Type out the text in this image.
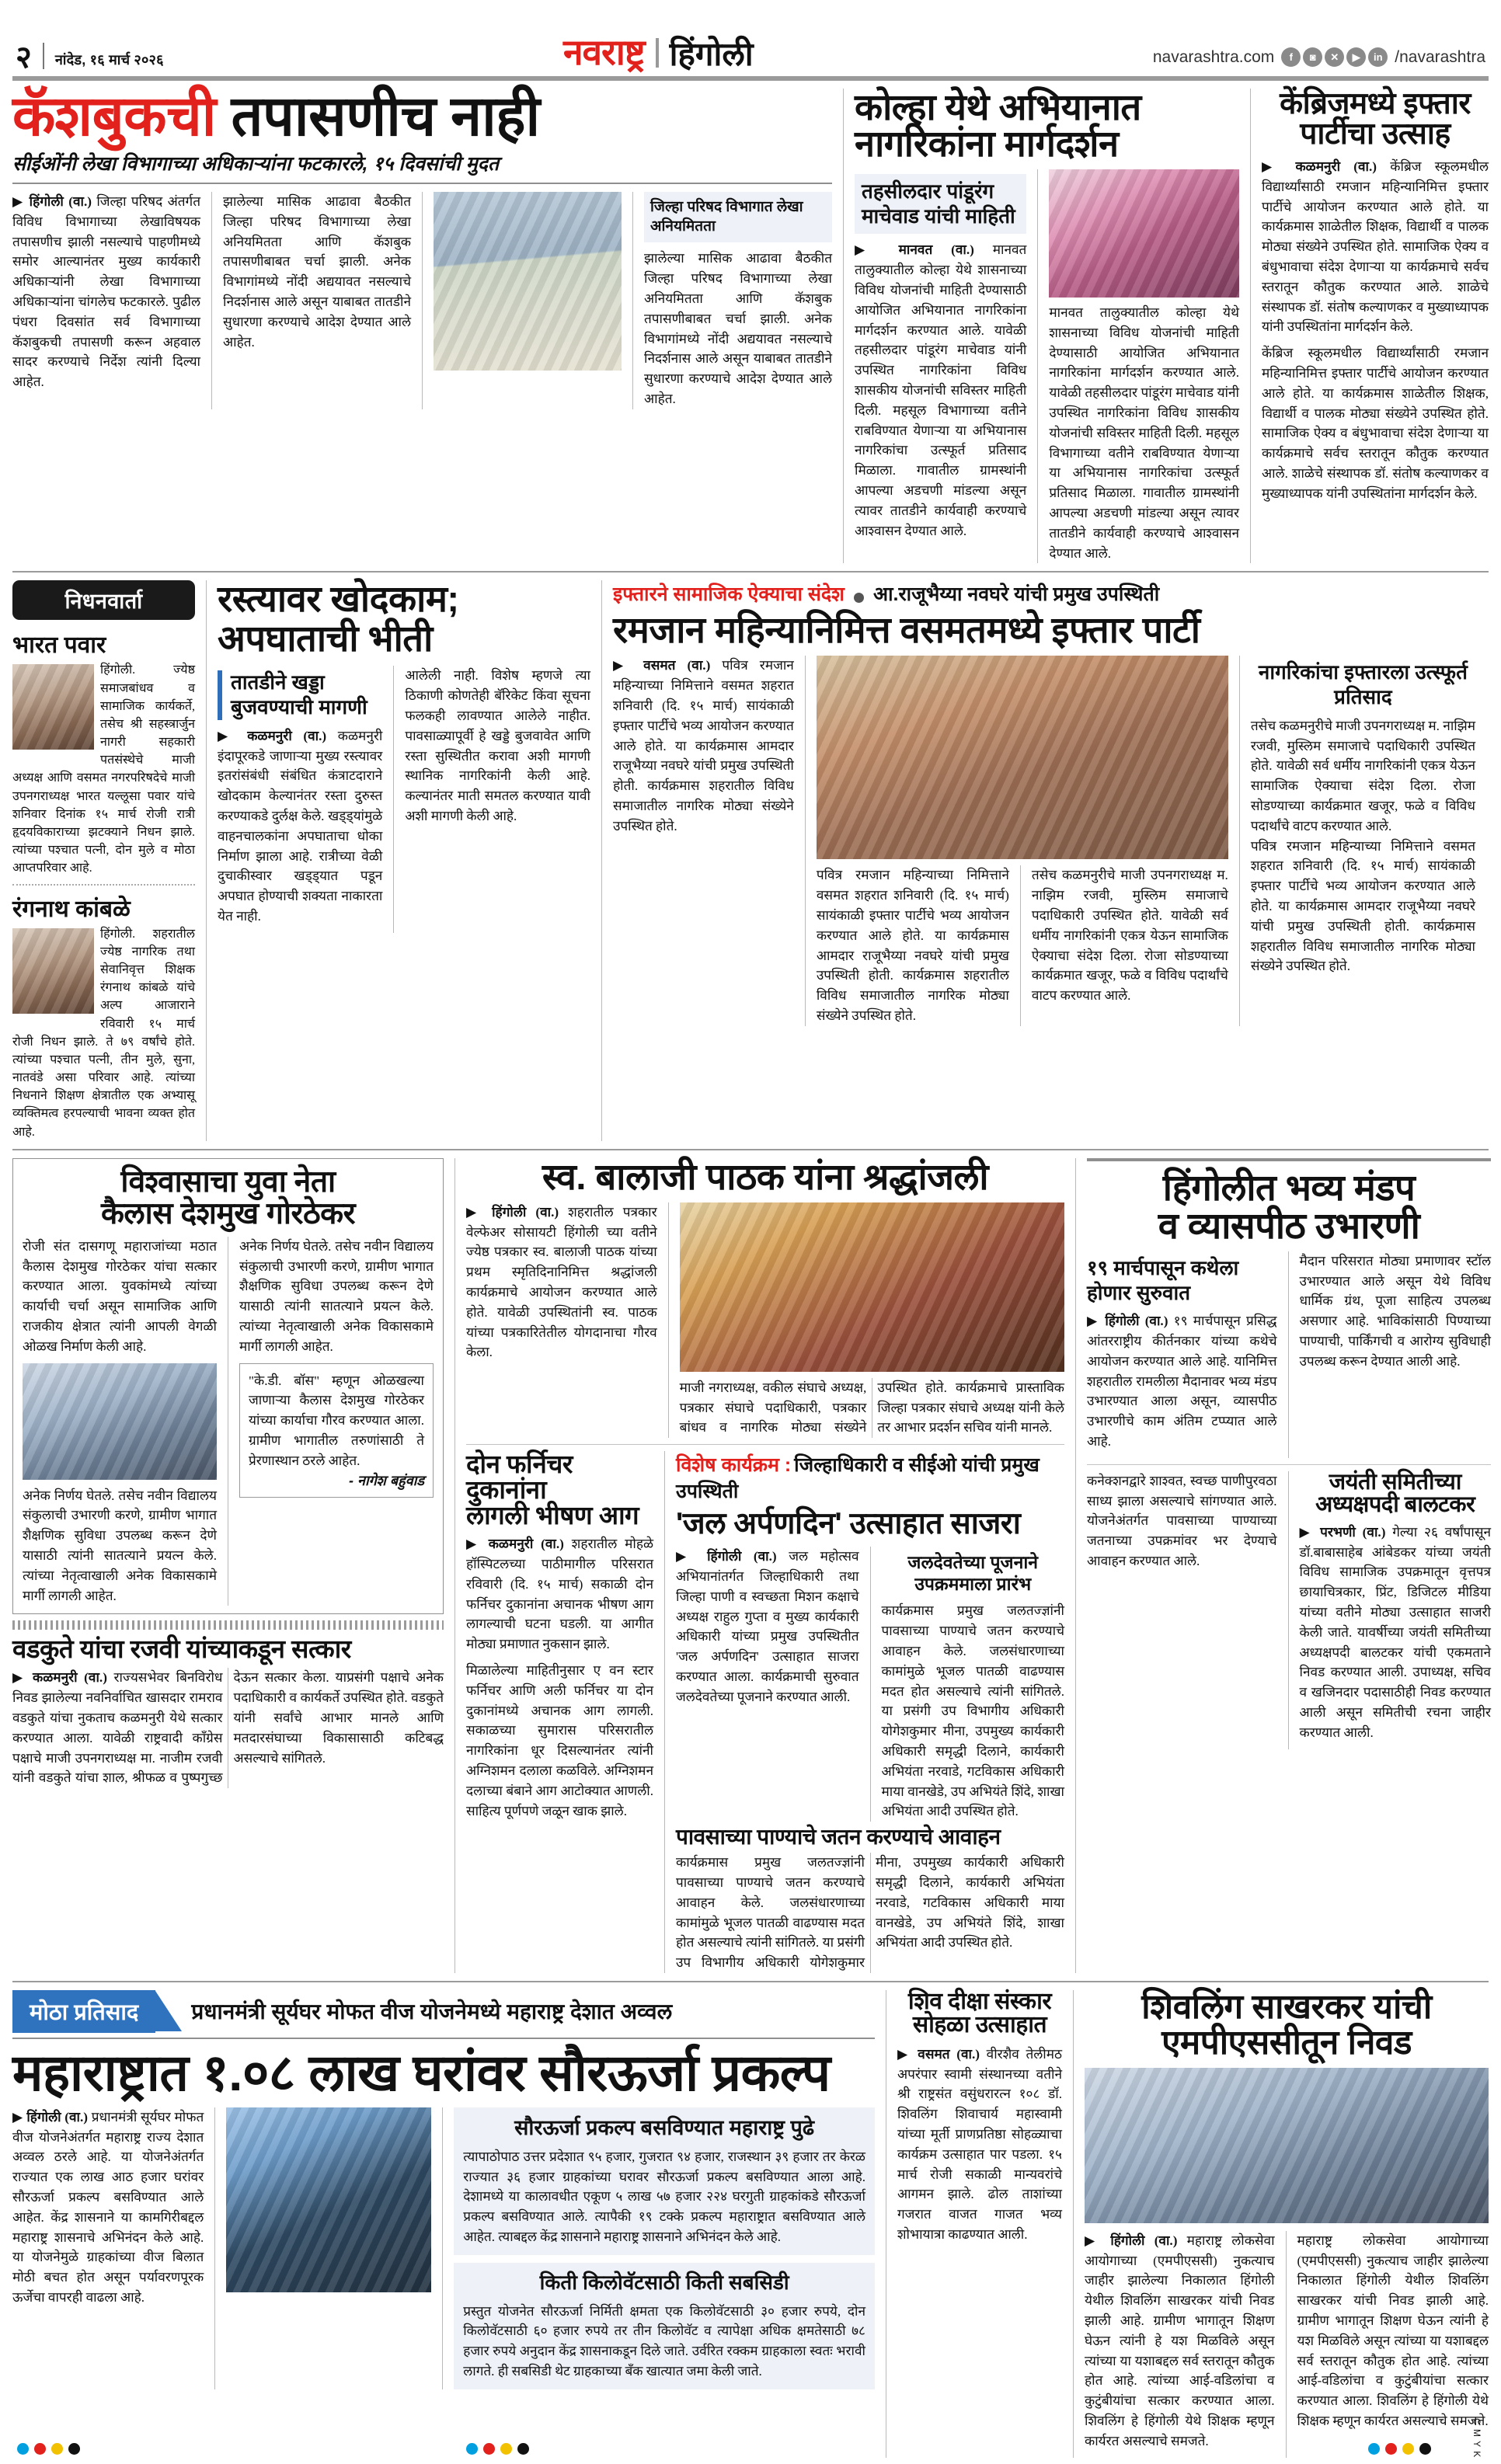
२ नांदेड, १६ मार्च २०२६	नवराष्ट्र हिंगोली	navarashtra.com	f	◙	✕	▶	in /navarashtra
कॅशबुकची तपासणीच नाही
सीईओंनी लेखा विभागाच्या अधिकाऱ्यांना फटकारले, १५ दिवसांची मुदत

▶ हिंगोली (वा.) जिल्हा परिषद अंतर्गत विविध विभागाच्या लेखाविषयक तपासणीच झाली नसल्याचे पाहणीमध्ये समोर आल्यानंतर मुख्य कार्यकारी अधिकाऱ्यांनी लेखा विभागाच्या अधिकाऱ्यांना चांगलेच फटकारले. पुढील पंधरा दिवसांत सर्व विभागाच्या कॅशबुकची तपासणी करून अहवाल सादर करण्याचे निर्देश त्यांनी दिल्या आहेत.

झालेल्या मासिक आढावा बैठकीत जिल्हा परिषद विभागाच्या लेखा अनियमितता आणि कॅशबुक तपासणीबाबत चर्चा झाली. अनेक विभागांमध्ये नोंदी अद्ययावत नसल्याचे निदर्शनास आले असून याबाबत तातडीने सुधारणा करण्याचे आदेश देण्यात आले आहेत.

जिल्हा परिषद विभागात लेखा अनियमितता
झालेल्या मासिक आढावा बैठकीत जिल्हा परिषद विभागाच्या लेखा अनियमितता आणि कॅशबुक तपासणीबाबत चर्चा झाली. अनेक विभागांमध्ये नोंदी अद्ययावत नसल्याचे निदर्शनास आले असून याबाबत तातडीने सुधारणा करण्याचे आदेश देण्यात आले आहेत.
कोल्हा येथे अभियानात नागरिकांना मार्गदर्शन
तहसीलदार पांडूरंग माचेवाड यांची माहिती

▶ मानवत (वा.) मानवत तालुक्यातील कोल्हा येथे शासनाच्या विविध योजनांची माहिती देण्यासाठी आयोजित अभियानात नागरिकांना मार्गदर्शन करण्यात आले. यावेळी तहसीलदार पांडूरंग माचेवाड यांनी उपस्थित नागरिकांना विविध शासकीय योजनांची सविस्तर माहिती दिली. महसूल विभागाच्या वतीने राबविण्यात येणाऱ्या या अभियानास नागरिकांचा उत्स्फूर्त प्रतिसाद मिळाला. गावातील ग्रामस्थांनी आपल्या अडचणी मांडल्या असून त्यावर तातडीने कार्यवाही करण्याचे आश्वासन देण्यात आले.

मानवत तालुक्यातील कोल्हा येथे शासनाच्या विविध योजनांची माहिती देण्यासाठी आयोजित अभियानात नागरिकांना मार्गदर्शन करण्यात आले. यावेळी तहसीलदार पांडूरंग माचेवाड यांनी उपस्थित नागरिकांना विविध शासकीय योजनांची सविस्तर माहिती दिली. महसूल विभागाच्या वतीने राबविण्यात येणाऱ्या या अभियानास नागरिकांचा उत्स्फूर्त प्रतिसाद मिळाला. गावातील ग्रामस्थांनी आपल्या अडचणी मांडल्या असून त्यावर तातडीने कार्यवाही करण्याचे आश्वासन देण्यात आले.
केंब्रिजमध्ये इफ्तार पार्टीचा उत्साह

▶ कळमनुरी (वा.) केंब्रिज स्कूलमधील विद्यार्थ्यांसाठी रमजान महिन्यानिमित्त इफ्तार पार्टीचे आयोजन करण्यात आले होते. या कार्यक्रमास शाळेतील शिक्षक, विद्यार्थी व पालक मोठ्या संख्येने उपस्थित होते. सामाजिक ऐक्य व बंधुभावाचा संदेश देणाऱ्या या कार्यक्रमाचे सर्वच स्तरातून कौतुक करण्यात आले. शाळेचे संस्थापक डॉ. संतोष कल्याणकर व मुख्याध्यापक यांनी उपस्थितांना मार्गदर्शन केले.

केंब्रिज स्कूलमधील विद्यार्थ्यांसाठी रमजान महिन्यानिमित्त इफ्तार पार्टीचे आयोजन करण्यात आले होते. या कार्यक्रमास शाळेतील शिक्षक, विद्यार्थी व पालक मोठ्या संख्येने उपस्थित होते. सामाजिक ऐक्य व बंधुभावाचा संदेश देणाऱ्या या कार्यक्रमाचे सर्वच स्तरातून कौतुक करण्यात आले. शाळेचे संस्थापक डॉ. संतोष कल्याणकर व मुख्याध्यापक यांनी उपस्थितांना मार्गदर्शन केले.

निधनवार्ता
भारत पवार
हिंगोली. ज्येष्ठ समाजबांधव व सामाजिक कार्यकर्ते, तसेच श्री सहस्त्रार्जुन नागरी सहकारी पतसंस्थेचे माजी अध्यक्ष आणि वसमत नगरपरिषदेचे माजी उपनगराध्यक्ष भारत यल्लूसा पवार यांचे शनिवार दिनांक १५ मार्च रोजी रात्री हृदयविकाराच्या झटक्याने निधन झाले. त्यांच्या पश्चात पत्नी, दोन मुले व मोठा आप्तपरिवार आहे.
रंगनाथ कांबळे
हिंगोली. शहरातील ज्येष्ठ नागरिक तथा सेवानिवृत्त शिक्षक रंगनाथ कांबळे यांचे अल्प आजाराने रविवारी १५ मार्च रोजी निधन झाले. ते ७९ वर्षांचे होते. त्यांच्या पश्चात पत्नी, तीन मुले, सुना, नातवंडे असा परिवार आहे. त्यांच्या निधनाने शिक्षण क्षेत्रातील एक अभ्यासू व्यक्तिमत्व हरपल्याची भावना व्यक्त होत आहे.
रस्त्यावर खोदकाम;
अपघाताची भीती
तातडीने खड्डा बुजवण्याची मागणी

▶ कळमनुरी (वा.) कळमनुरी इंदापूरकडे जाणाऱ्या मुख्य रस्त्यावर इतरांसंबंधी संबंधित कंत्राटदाराने खोदकाम केल्यानंतर रस्ता दुरुस्त करण्याकडे दुर्लक्ष केले. खड्ड्यांमुळे वाहनचालकांना अपघाताचा धोका निर्माण झाला आहे. रात्रीच्या वेळी दुचाकीस्वार खड्ड्यात पडून अपघात होण्याची शक्यता नाकारता येत नाही.

आलेली नाही. विशेष म्हणजे त्या ठिकाणी कोणतेही बॅरिकेट किंवा सूचना फलकही लावण्यात आलेले नाहीत. पावसाळ्यापूर्वी हे खड्डे बुजवावेत आणि रस्ता सुस्थितीत करावा अशी मागणी स्थानिक नागरिकांनी केली आहे. कल्यानंतर माती समतल करण्यात यावी अशी मागणी केली आहे.
इफ्तारने सामाजिक ऐक्याचा संदेश आ.राजूभैय्या नवघरे यांची प्रमुख उपस्थिती
रमजान महिन्यानिमित्त वसमतमध्ये इफ्तार पार्टी

▶ वसमत (वा.) पवित्र रमजान महिन्याच्या निमित्ताने वसमत शहरात शनिवारी (दि. १५ मार्च) सायंकाळी इफ्तार पार्टीचे भव्य आयोजन करण्यात आले होते. या कार्यक्रमास आमदार राजूभैय्या नवघरे यांची प्रमुख उपस्थिती होती. कार्यक्रमास शहरातील विविध समाजातील नागरिक मोठ्या संख्येने उपस्थित होते.

पवित्र रमजान महिन्याच्या निमित्ताने वसमत शहरात शनिवारी (दि. १५ मार्च) सायंकाळी इफ्तार पार्टीचे भव्य आयोजन करण्यात आले होते. या कार्यक्रमास आमदार राजूभैय्या नवघरे यांची प्रमुख उपस्थिती होती. कार्यक्रमास शहरातील विविध समाजातील नागरिक मोठ्या संख्येने उपस्थित होते.
तसेच कळमनुरीचे माजी उपनगराध्यक्ष म. नाझिम रजवी, मुस्लिम समाजाचे पदाधिकारी उपस्थित होते. यावेळी सर्व धर्मीय नागरिकांनी एकत्र येऊन सामाजिक ऐक्याचा संदेश दिला. रोजा सोडण्याच्या कार्यक्रमात खजूर, फळे व विविध पदार्थांचे वाटप करण्यात आले.
नागरिकांचा इफ्तारला उत्स्फूर्त प्रतिसाद
तसेच कळमनुरीचे माजी उपनगराध्यक्ष म. नाझिम रजवी, मुस्लिम समाजाचे पदाधिकारी उपस्थित होते. यावेळी सर्व धर्मीय नागरिकांनी एकत्र येऊन सामाजिक ऐक्याचा संदेश दिला. रोजा सोडण्याच्या कार्यक्रमात खजूर, फळे व विविध पदार्थांचे वाटप करण्यात आले.
पवित्र रमजान महिन्याच्या निमित्ताने वसमत शहरात शनिवारी (दि. १५ मार्च) सायंकाळी इफ्तार पार्टीचे भव्य आयोजन करण्यात आले होते. या कार्यक्रमास आमदार राजूभैय्या नवघरे यांची प्रमुख उपस्थिती होती. कार्यक्रमास शहरातील विविध समाजातील नागरिक मोठ्या संख्येने उपस्थित होते.
विश्वासाचा युवा नेता
कैलास देशमुख गोरठेकर
रोजी संत दासगणू महाराजांच्या मठात कैलास देशमुख गोरठेकर यांचा सत्कार करण्यात आला. युवकांमध्ये त्यांच्या कार्याची चर्चा असून सामाजिक आणि राजकीय क्षेत्रात त्यांनी आपली वेगळी ओळख निर्माण केली आहे.
अनेक निर्णय घेतले. तसेच नवीन विद्यालय संकुलाची उभारणी करणे, ग्रामीण भागात शैक्षणिक सुविधा उपलब्ध करून देणे यासाठी त्यांनी सातत्याने प्रयत्न केले. त्यांच्या नेतृत्वाखाली अनेक विकासकामे मार्गी लागली आहेत.
अनेक निर्णय घेतले. तसेच नवीन विद्यालय संकुलाची उभारणी करणे, ग्रामीण भागात शैक्षणिक सुविधा उपलब्ध करून देणे यासाठी त्यांनी सातत्याने प्रयत्न केले. त्यांच्या नेतृत्वाखाली अनेक विकासकामे मार्गी लागली आहेत.
"के.डी. बॉस" म्हणून ओळखल्या जाणाऱ्या कैलास देशमुख गोरठेकर यांच्या कार्याचा गौरव करण्यात आला. ग्रामीण भागातील तरुणांसाठी ते प्रेरणास्थान ठरले आहेत.
- नागेश बहुंवाड
वडकुते यांचा रजवी यांच्याकडून सत्कार

▶ कळमनुरी (वा.) राज्यसभेवर बिनविरोध निवड झालेल्या नवनिर्वाचित खासदार रामराव वडकुते यांचा नुकताच कळमनुरी येथे सत्कार करण्यात आला. यावेळी राष्ट्रवादी काँग्रेस पक्षाचे माजी उपनगराध्यक्ष मा. नाजीम रजवी यांनी वडकुते यांचा शाल, श्रीफळ व पुष्पगुच्छ देऊन सत्कार केला. याप्रसंगी पक्षाचे अनेक पदाधिकारी व कार्यकर्ते उपस्थित होते. वडकुते यांनी सर्वांचे आभार मानले आणि मतदारसंघाच्या विकासासाठी कटिबद्ध असल्याचे सांगितले.

स्व. बालाजी पाठक यांना श्रद्धांजली

▶ हिंगोली (वा.) शहरातील पत्रकार वेल्फेअर सोसायटी हिंगोली च्या वतीने ज्येष्ठ पत्रकार स्व. बालाजी पाठक यांच्या प्रथम स्मृतिदिनानिमित्त श्रद्धांजली कार्यक्रमाचे आयोजन करण्यात आले होते. यावेळी उपस्थितांनी स्व. पाठक यांच्या पत्रकारितेतील योगदानाचा गौरव केला.

माजी नगराध्यक्ष, वकील संघाचे अध्यक्ष, पत्रकार संघाचे पदाधिकारी, पत्रकार बांधव व नागरिक मोठ्या संख्येने उपस्थित होते. कार्यक्रमाचे प्रास्ताविक जिल्हा पत्रकार संघाचे अध्यक्ष यांनी केले तर आभार प्रदर्शन सचिव यांनी मानले.
दोन फर्निचर दुकानांना
लागली भीषण आग

▶ कळमनुरी (वा.) शहरातील मोहळे हॉस्पिटलच्या पाठीमागील परिसरात रविवारी (दि. १५ मार्च) सकाळी दोन फर्निचर दुकानांना अचानक भीषण आग लागल्याची घटना घडली. या आगीत मोठ्या प्रमाणात नुकसान झाले.

मिळालेल्या माहितीनुसार ए वन स्टार फर्निचर आणि अली फर्निचर या दोन दुकानांमध्ये अचानक आग लागली. सकाळच्या सुमारास परिसरातील नागरिकांना धूर दिसल्यानंतर त्यांनी अग्निशमन दलाला कळविले. अग्निशमन दलाच्या बंबाने आग आटोक्यात आणली. साहित्य पूर्णपणे जळून खाक झाले.

विशेष कार्यक्रम : जिल्हाधिकारी व सीईओ यांची प्रमुख उपस्थिती
'जल अर्पणदिन' उत्साहात साजरा

▶ हिंगोली (वा.) जल महोत्सव अभियानांतर्गत जिल्हाधिकारी तथा जिल्हा पाणी व स्वच्छता मिशन कक्षाचे अध्यक्ष राहुल गुप्ता व मुख्य कार्यकारी अधिकारी यांच्या प्रमुख उपस्थितीत 'जल अर्पणदिन' उत्साहात साजरा करण्यात आला. कार्यक्रमाची सुरुवात जलदेवतेच्या पूजनाने करण्यात आली.

जलदेवतेच्या पूजनाने उपक्रममाला प्रारंभ
कार्यक्रमास प्रमुख जलतज्ज्ञांनी पावसाच्या पाण्याचे जतन करण्याचे आवाहन केले. जलसंधारणाच्या कामांमुळे भूजल पातळी वाढण्यास मदत होत असल्याचे त्यांनी सांगितले. या प्रसंगी उप विभागीय अधिकारी योगेशकुमार मीना, उपमुख्य कार्यकारी अधिकारी समृद्धी दिलाने, कार्यकारी अभियंता नरवाडे, गटविकास अधिकारी माया वानखेडे, उप अभियंते शिंदे, शाखा अभियंता आदी उपस्थित होते.
पावसाच्या पाण्याचे जतन करण्याचे आवाहन
कार्यक्रमास प्रमुख जलतज्ज्ञांनी पावसाच्या पाण्याचे जतन करण्याचे आवाहन केले. जलसंधारणाच्या कामांमुळे भूजल पातळी वाढण्यास मदत होत असल्याचे त्यांनी सांगितले. या प्रसंगी उप विभागीय अधिकारी योगेशकुमार मीना, उपमुख्य कार्यकारी अधिकारी समृद्धी दिलाने, कार्यकारी अभियंता नरवाडे, गटविकास अधिकारी माया वानखेडे, उप अभियंते शिंदे, शाखा अभियंता आदी उपस्थित होते.
हिंगोलीत भव्य मंडप
व व्यासपीठ उभारणी
१९ मार्चपासून कथेला होणार सुरुवात

▶ हिंगोली (वा.) १९ मार्चपासून प्रसिद्ध आंतरराष्ट्रीय कीर्तनकार यांच्या कथेचे आयोजन करण्यात आले आहे. यानिमित्त शहरातील रामलीला मैदानावर भव्य मंडप उभारण्यात आला असून, व्यासपीठ उभारणीचे काम अंतिम टप्प्यात आले आहे.

मैदान परिसरात मोठ्या प्रमाणावर स्टॉल उभारण्यात आले असून येथे विविध धार्मिक ग्रंथ, पूजा साहित्य उपलब्ध असणार आहे. भाविकांसाठी पिण्याच्या पाण्याची, पार्किंगची व आरोग्य सुविधाही उपलब्ध करून देण्यात आली आहे.
कनेक्शनद्वारे शाश्वत, स्वच्छ पाणीपुरवठा साध्य झाला असल्याचे सांगण्यात आले. योजनेअंतर्गत पावसाच्या पाण्याच्या जतनाच्या उपक्रमांवर भर देण्याचे आवाहन करण्यात आले.
जयंती समितीच्या
अध्यक्षपदी बालटकर

▶ परभणी (वा.) गेल्या २६ वर्षांपासून डॉ.बाबासाहेब आंबेडकर यांच्या जयंती विविध सामाजिक उपक्रमातून वृत्तपत्र छायाचित्रकार, प्रिंट, डिजिटल मीडिया यांच्या वतीने मोठ्या उत्साहात साजरी केली जाते. यावर्षीच्या जयंती समितीच्या अध्यक्षपदी बालटकर यांची एकमताने निवड करण्यात आली. उपाध्यक्ष, सचिव व खजिनदार पदासाठीही निवड करण्यात आली असून समितीची रचना जाहीर करण्यात आली.

मोठा प्रतिसाद	प्रधानमंत्री सूर्यघर मोफत वीज योजनेमध्ये महाराष्ट्र देशात अव्वल
महाराष्ट्रात १.०८ लाख घरांवर सौरऊर्जा प्रकल्प

▶ हिंगोली (वा.) प्रधानमंत्री सूर्यघर मोफत वीज योजनेअंतर्गत महाराष्ट्र राज्य देशात अव्वल ठरले आहे. या योजनेअंतर्गत राज्यात एक लाख आठ हजार घरांवर सौरऊर्जा प्रकल्प बसविण्यात आले आहेत. केंद्र शासनाने या कामगिरीबद्दल महाराष्ट्र शासनाचे अभिनंदन केले आहे. या योजनेमुळे ग्राहकांच्या वीज बिलात मोठी बचत होत असून पर्यावरणपूरक ऊर्जेचा वापरही वाढला आहे.

सौरऊर्जा प्रकल्प बसविण्यात महाराष्ट्र पुढे
त्यापाठोपाठ उत्तर प्रदेशात ९५ हजार, गुजरात ९४ हजार, राजस्थान ३९ हजार तर केरळ राज्यात ३६ हजार ग्राहकांच्या घरावर सौरऊर्जा प्रकल्प बसविण्यात आला आहे. देशामध्ये या कालावधीत एकूण ५ लाख ५७ हजार २२४ घरगुती ग्राहकांकडे सौरऊर्जा प्रकल्प बसविण्यात आले. त्यापैकी १९ टक्के प्रकल्प महाराष्ट्रात बसविण्यात आले आहेत. त्याबद्दल केंद्र शासनाने महाराष्ट्र शासनाने अभिनंदन केले आहे.
किती किलोवॅटसाठी किती सबसिडी
प्रस्तुत योजनेत सौरऊर्जा निर्मिती क्षमता एक किलोवॅटसाठी ३० हजार रुपये, दोन किलोवॅटसाठी ६० हजार रुपये तर तीन किलोवॅट व त्यापेक्षा अधिक क्षमतेसाठी ७८ हजार रुपये अनुदान केंद्र शासनाकडून दिले जाते. उर्वरित रक्कम ग्राहकाला स्वतः भरावी लागते. ही सबसिडी थेट ग्राहकाच्या बँक खात्यात जमा केली जाते.
शिव दीक्षा संस्कार
सोहळा उत्साहात

▶ वसमत (वा.) वीरशैव तेलीमठ अपरंपार स्वामी संस्थानच्या वतीने श्री राष्ट्रसंत वसुंधरारत्न १०८ डॉ. शिवलिंग शिवाचार्य महास्वामी यांच्या मूर्ती प्राणप्रतिष्ठा सोहळ्याचा कार्यक्रम उत्साहात पार पडला. १५ मार्च रोजी सकाळी मान्यवरांचे आगमन झाले. ढोल ताशांच्या गजरात वाजत गाजत भव्य शोभायात्रा काढण्यात आली.

शिवलिंग साखरकर यांची
एमपीएससीतून निवड

▶ हिंगोली (वा.) महाराष्ट्र लोकसेवा आयोगाच्या (एमपीएससी) नुकत्याच जाहीर झालेल्या निकालात हिंगोली येथील शिवलिंग साखरकर यांची निवड झाली आहे. ग्रामीण भागातून शिक्षण घेऊन त्यांनी हे यश मिळविले असून त्यांच्या या यशाबद्दल सर्व स्तरातून कौतुक होत आहे. त्यांच्या आई-वडिलांचा व कुटुंबीयांचा सत्कार करण्यात आला. शिवलिंग हे हिंगोली येथे शिक्षक म्हणून कार्यरत असल्याचे समजते.

महाराष्ट्र लोकसेवा आयोगाच्या (एमपीएससी) नुकत्याच जाहीर झालेल्या निकालात हिंगोली येथील शिवलिंग साखरकर यांची निवड झाली आहे. ग्रामीण भागातून शिक्षण घेऊन त्यांनी हे यश मिळविले असून त्यांच्या या यशाबद्दल सर्व स्तरातून कौतुक होत आहे. त्यांच्या आई-वडिलांचा व कुटुंबीयांचा सत्कार करण्यात आला. शिवलिंग हे हिंगोली येथे शिक्षक म्हणून कार्यरत असल्याचे समजते.
C M Y K
